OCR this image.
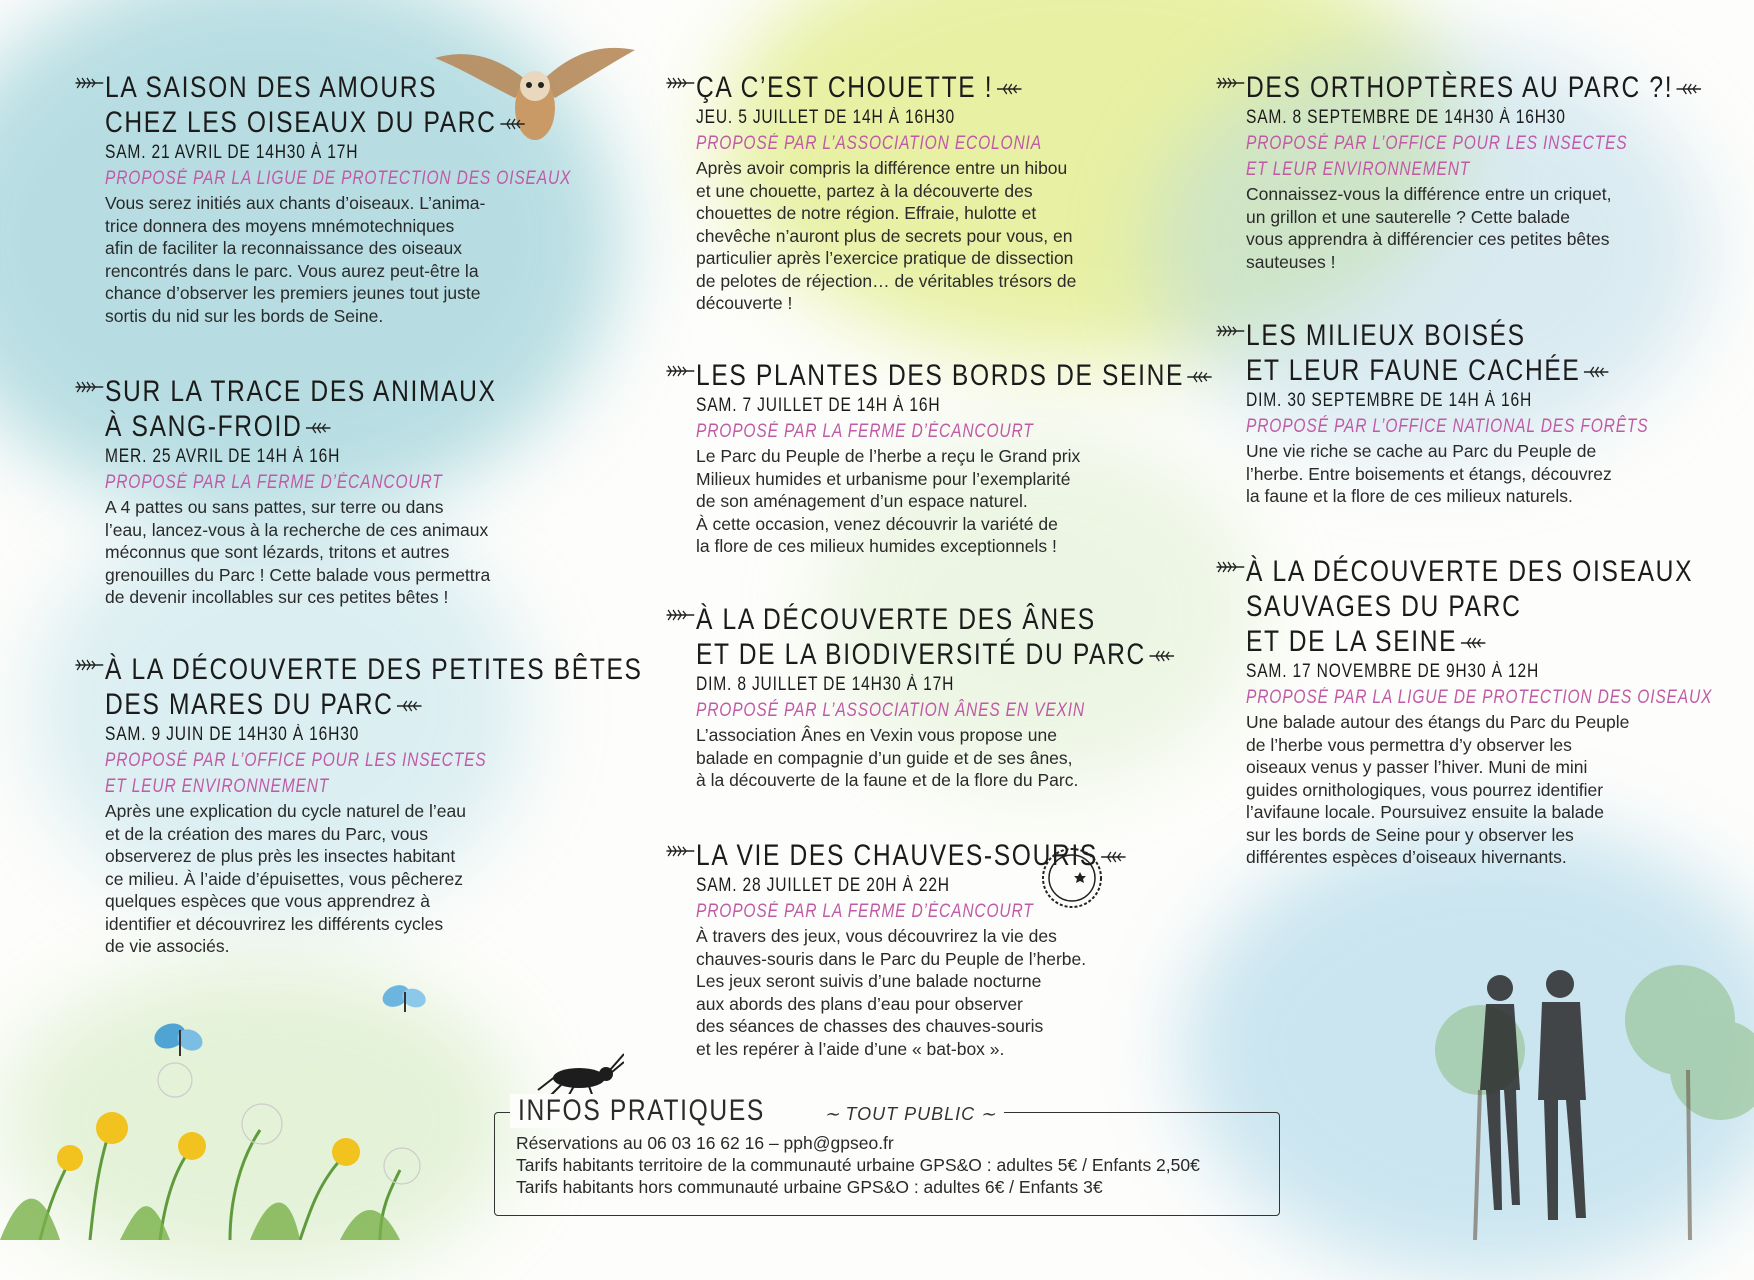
LA SAISON DES AMOURS
CHEZ LES OISEAUX DU PARC
SAM. 21 AVRIL DE 14H30 À 17H
PROPOSÉ PAR LA LIGUE DE PROTECTION DES OISEAUX
Vous serez initiés aux chants d’oiseaux. L’anima-
trice donnera des moyens mnémotechniques
afin de faciliter la reconnaissance des oiseaux
rencontrés dans le parc. Vous aurez peut-être la
chance d’observer les premiers jeunes tout juste
sortis du nid sur les bords de Seine.
SUR LA TRACE DES ANIMAUX
À SANG-FROID
MER. 25 AVRIL DE 14H À 16H
PROPOSÉ PAR LA FERME D’ÉCANCOURT
A 4 pattes ou sans pattes, sur terre ou dans
l’eau, lancez-vous à la recherche de ces animaux
méconnus que sont lézards, tritons et autres
grenouilles du Parc ! Cette balade vous permettra
de devenir incollables sur ces petites bêtes !
À LA DÉCOUVERTE DES PETITES BÊTES
DES MARES DU PARC
SAM. 9 JUIN DE 14H30 À 16H30
PROPOSÉ PAR L’OFFICE POUR LES INSECTES
ET LEUR ENVIRONNEMENT
Après une explication du cycle naturel de l’eau
et de la création des mares du Parc, vous
observerez de plus près les insectes habitant
ce milieu. À l’aide d’épuisettes, vous pêcherez
quelques espèces que vous apprendrez à
identifier et découvrirez les différents cycles
de vie associés.
ÇA C’EST CHOUETTE !
JEU. 5 JUILLET DE 14H À 16H30
PROPOSÉ PAR L’ASSOCIATION ECOLONIA
Après avoir compris la différence entre un hibou
et une chouette, partez à la découverte des
chouettes de notre région. Effraie, hulotte et
chevêche n’auront plus de secrets pour vous, en
particulier après l’exercice pratique de dissection
de pelotes de réjection… de véritables trésors de
découverte !
LES PLANTES DES BORDS DE SEINE
SAM. 7 JUILLET DE 14H À 16H
PROPOSÉ PAR LA FERME D’ÉCANCOURT
Le Parc du Peuple de l’herbe a reçu le Grand prix
Milieux humides et urbanisme pour l’exemplarité
de son aménagement d’un espace naturel.
À cette occasion, venez découvrir la variété de
la flore de ces milieux humides exceptionnels !
À LA DÉCOUVERTE DES ÂNES
ET DE LA BIODIVERSITÉ DU PARC
DIM. 8 JUILLET DE 14H30 À 17H
PROPOSÉ PAR L’ASSOCIATION ÂNES EN VEXIN
L’association Ânes en Vexin vous propose une
balade en compagnie d’un guide et de ses ânes,
à la découverte de la faune et de la flore du Parc.
LA VIE DES CHAUVES-SOURIS
SAM. 28 JUILLET DE 20H À 22H
PROPOSÉ PAR LA FERME D’ÉCANCOURT
À travers des jeux, vous découvrirez la vie des
chauves-souris dans le Parc du Peuple de l’herbe.
Les jeux seront suivis d’une balade nocturne
aux abords des plans d’eau pour observer
des séances de chasses des chauves-souris
et les repérer à l’aide d’une « bat-box ».
DES ORTHOPTÈRES AU PARC ?!
SAM. 8 SEPTEMBRE DE 14H30 À 16H30
PROPOSÉ PAR L’OFFICE POUR LES INSECTES
ET LEUR ENVIRONNEMENT
Connaissez-vous la différence entre un criquet,
un grillon et une sauterelle ? Cette balade
vous apprendra à différencier ces petites bêtes
sauteuses !
LES MILIEUX BOISÉS
ET LEUR FAUNE CACHÉE
DIM. 30 SEPTEMBRE DE 14H À 16H
PROPOSÉ PAR L’OFFICE NATIONAL DES FORÊTS
Une vie riche se cache au Parc du Peuple de
l’herbe. Entre boisements et étangs, découvrez
la faune et la flore de ces milieux naturels.
À LA DÉCOUVERTE DES OISEAUX
SAUVAGES DU PARC
ET DE LA SEINE
SAM. 17 NOVEMBRE DE 9H30 À 12H
PROPOSÉ PAR LA LIGUE DE PROTECTION DES OISEAUX
Une balade autour des étangs du Parc du Peuple
de l’herbe vous permettra d’y observer les
oiseaux venus y passer l’hiver. Muni de mini
guides ornithologiques, vous pourrez identifier
l’avifaune locale. Poursuivez ensuite la balade
sur les bords de Seine pour y observer les
différentes espèces d’oiseaux hivernants.
INFOS PRATIQUES	∼ TOUT PUBLIC ∼
Réservations au 06 03 16 62 16 – pph@gpseo.fr
Tarifs habitants territoire de la communauté urbaine GPS&O : adultes 5€ / Enfants 2,50€
Tarifs habitants hors communauté urbaine GPS&O : adultes 6€ / Enfants 3€
